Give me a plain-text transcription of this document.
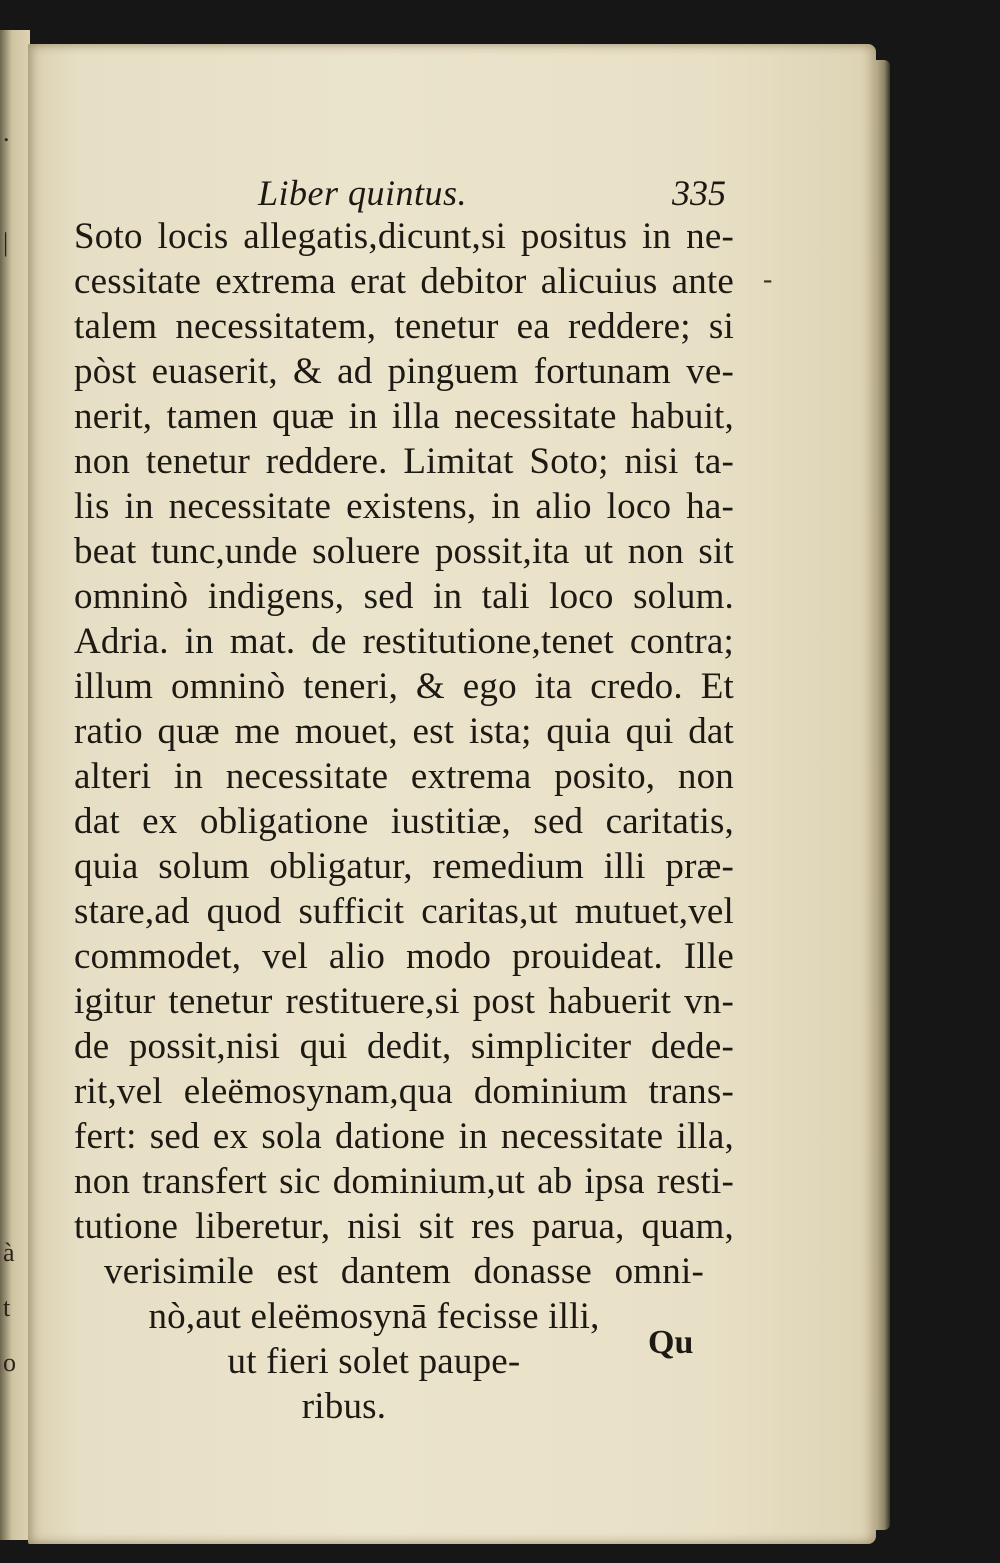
.
|
à
t
o
Liber quintus.	335
Soto locis allegatis,dicunt,si positus in ne-
cessitate extrema erat debitor alicuius ante
talem necessitatem, tenetur ea reddere; si
pòst euaserit, & ad pinguem fortunam ve-
nerit, tamen quæ in illa necessitate habuit,
non tenetur reddere. Limitat Soto; nisi ta-
lis in necessitate existens, in alio loco ha-
beat tunc,unde soluere possit,ita ut non sit
omninò indigens, sed in tali loco solum.
Adria. in mat. de restitutione,tenet contra;
illum omninò teneri, & ego ita credo. Et
ratio quæ me mouet, est ista; quia qui dat
alteri in necessitate extrema posito, non
dat ex obligatione iustitiæ, sed caritatis,
quia solum obligatur, remedium illi præ-
stare,ad quod sufficit caritas,ut mutuet,vel
commodet, vel alio modo prouideat. Ille
igitur tenetur restituere,si post habuerit vn-
de possit,nisi qui dedit, simpliciter dede-
rit,vel eleëmosynam,qua dominium trans-
fert: sed ex sola datione in necessitate illa,
non transfert sic dominium,ut ab ipsa resti-
tutione liberetur, nisi sit res parua, quam,
verisimile est dantem donasse omni-
nò,aut eleëmosynā fecisse illi,
ut fieri solet paupe-
ribus.
Qu
-
